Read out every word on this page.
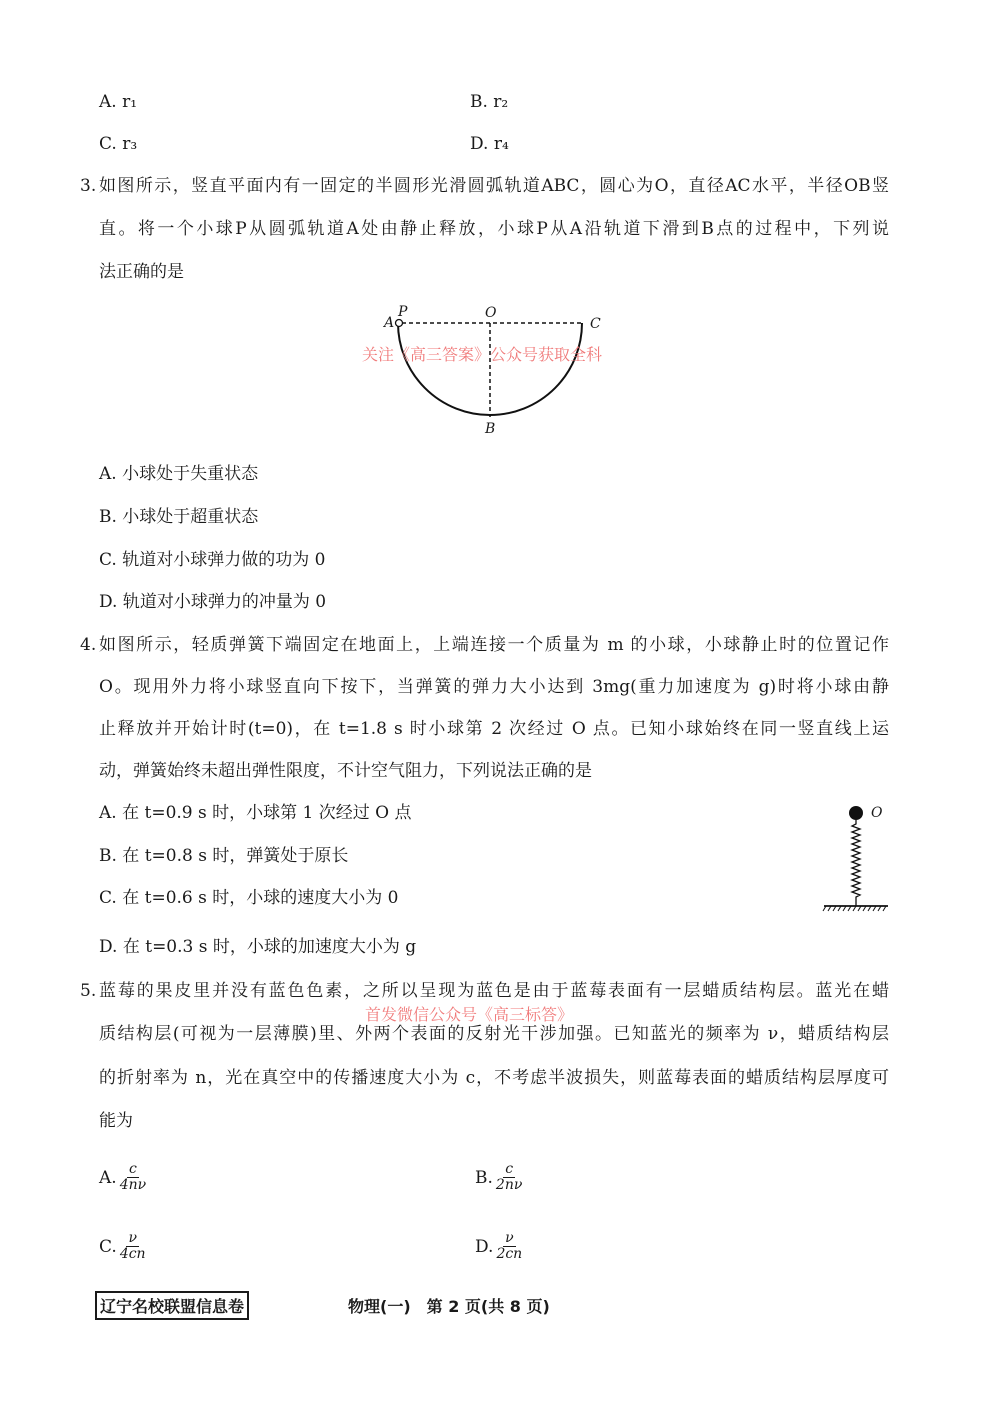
A. r₁	B. r₂
C. r₃	D. r₄
3. 如图所示，竖直平面内有一固定的半圆形光滑圆弧轨道ABC，圆心为O，直径AC水平，半径OB竖
直。将一个小球P从圆弧轨道A处由静止释放，小球P从A沿轨道下滑到B点的过程中，下列说
法正确的是
A
P	O
C
B
关注《高三答案》公众号获取全科
A. 小球处于失重状态
B. 小球处于超重状态
C. 轨道对小球弹力做的功为 0
D. 轨道对小球弹力的冲量为 0
4. 如图所示，轻质弹簧下端固定在地面上，上端连接一个质量为 m 的小球，小球静止时的位置记作
O。现用外力将小球竖直向下按下，当弹簧的弹力大小达到 3mg(重力加速度为 g)时将小球由静
止释放并开始计时(t=0)，在 t=1.8 s 时小球第 2 次经过 O 点。已知小球始终在同一竖直线上运
动，弹簧始终未超出弹性限度，不计空气阻力，下列说法正确的是
A. 在 t=0.9 s 时，小球第 1 次经过 O 点
B. 在 t=0.8 s 时，弹簧处于原长
C. 在 t=0.6 s 时，小球的速度大小为 0
D. 在 t=0.3 s 时，小球的加速度大小为 g
O
5. 蓝莓的果皮里并没有蓝色色素，之所以呈现为蓝色是由于蓝莓表面有一层蜡质结构层。蓝光在蜡
首发微信公众号《高三标答》
质结构层(可视为一层薄膜)里、外两个表面的反射光干涉加强。已知蓝光的频率为 ν，蜡质结构层
的折射率为 n，光在真空中的传播速度大小为 c，不考虑半波损失，则蓝莓表面的蜡质结构层厚度可
能为
A. $\frac{c}{4n\nu}$	B. $\frac{c}{2n\nu}$
C. $\frac{\nu}{4cn}$	D. $\frac{\nu}{2cn}$
辽宁名校联盟信息卷	物理(一)　第 2 页(共 8 页)
